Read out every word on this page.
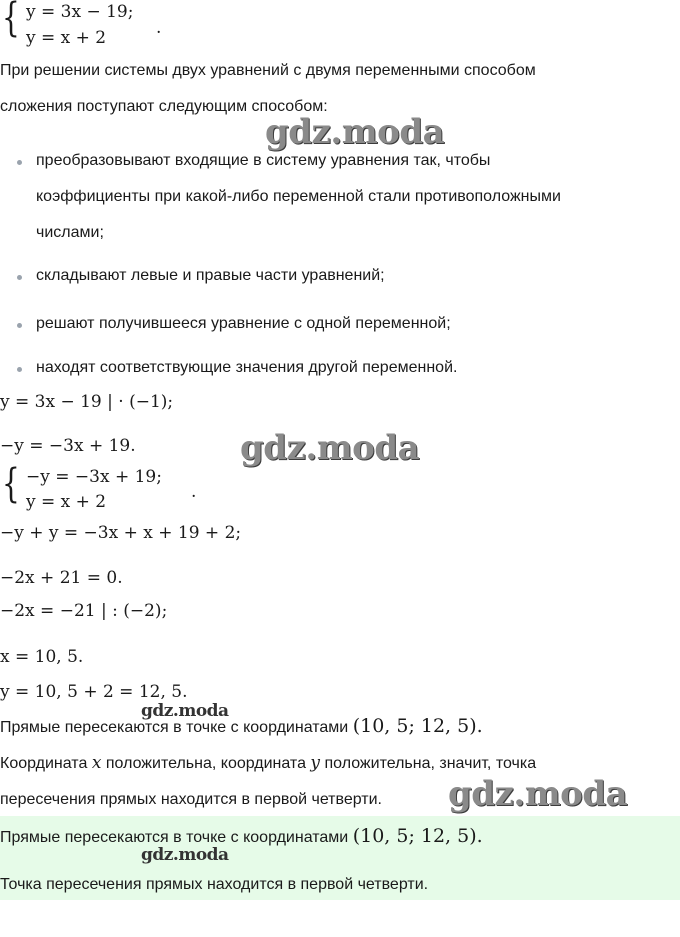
{ y = 3x − 19;
y = x + 2	.
При решении системы двух уравнений с двумя переменными способом
сложения поступают следующим способом:
gdz.moda
преобразовывают входящие в систему уравнения так, чтобы
коэффициенты при какой-либо переменной стали противоположными
числами;
складывают левые и правые части уравнений;
решают получившееся уравнение с одной переменной;
находят соответствующие значения другой переменной.
y = 3x − 19 | · (−1);
−y = −3x + 19.	gdz.moda
{ −y = −3x + 19;
y = x + 2	.
−y + y = −3x + x + 19 + 2;
−2x + 21 = 0.
−2x = −21 | : (−2);
x = 10, 5.
y = 10, 5 + 2 = 12, 5.
gdz.moda
Прямые пересекаются в точке с координатами (10, 5; 12, 5).
Координата x положительна, координата y положительна, значит, точка
пересечения прямых находится в первой четверти. gdz.moda
Прямые пересекаются в точке с координатами (10, 5; 12, 5).
gdz.moda
Точка пересечения прямых находится в первой четверти.
